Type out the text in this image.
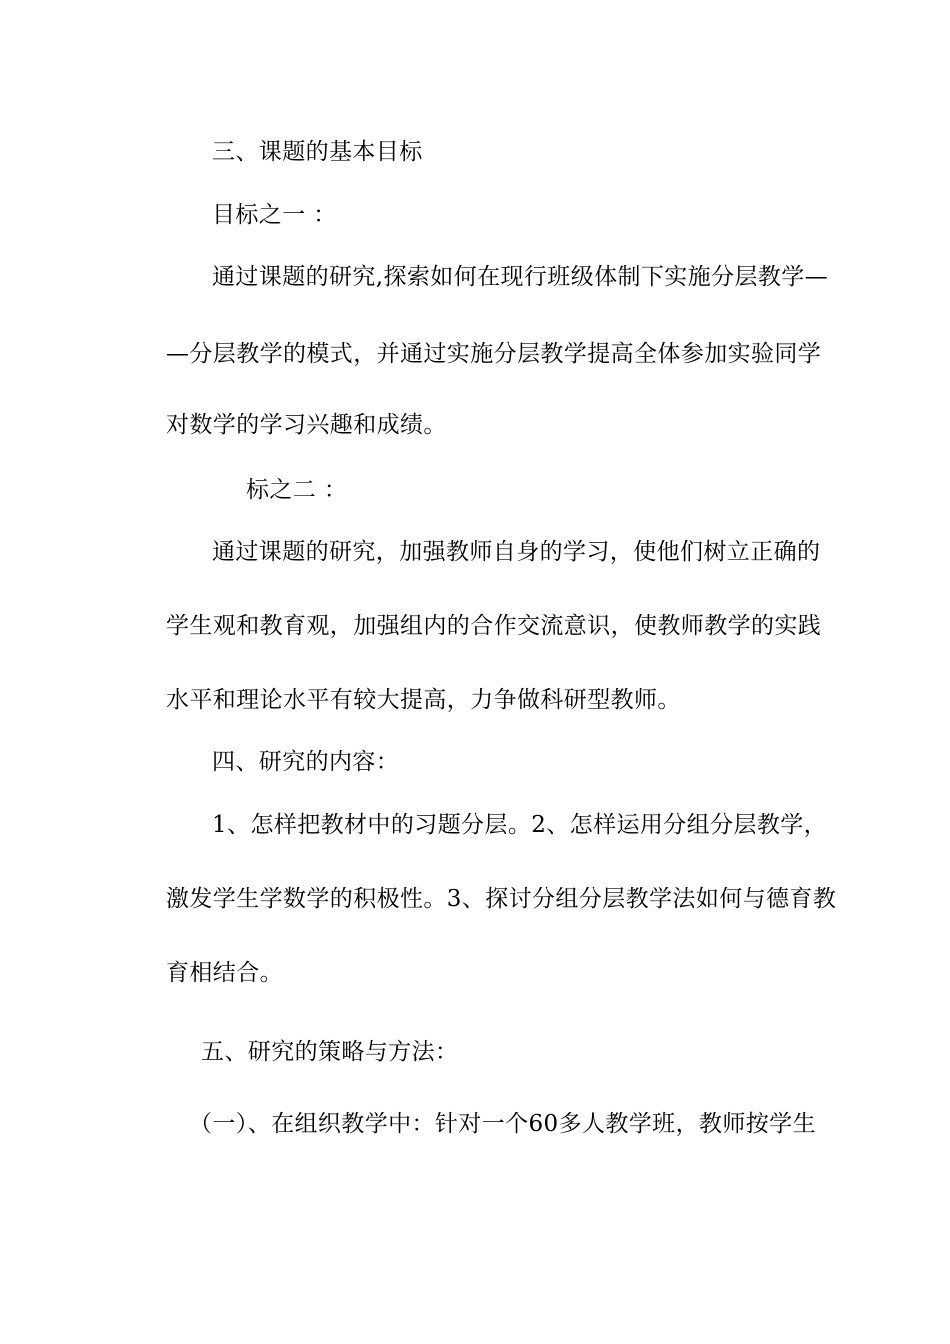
三、课题的基本目标
目标之一 ：
通过课题的研究,探索如何在现行班级体制下实施分层教学—
—分层教学的模式，并通过实施分层教学提高全体参加实验同学
对数学的学习兴趣和成绩。
标之二 ：
通过课题的研究，加强教师自身的学习，使他们树立正确的
学生观和教育观，加强组内的合作交流意识，使教师教学的实践
水平和理论水平有较大提高，力争做科研型教师。
四、研究的内容：
1、怎样把教材中的习题分层。2、怎样运用分组分层教学，
激发学生学数学的积极性。3、探讨分组分层教学法如何与德育教
育相结合。
五、研究的策略与方法：
（一）、在组织教学中：针对一个60多人教学班，教师按学生
